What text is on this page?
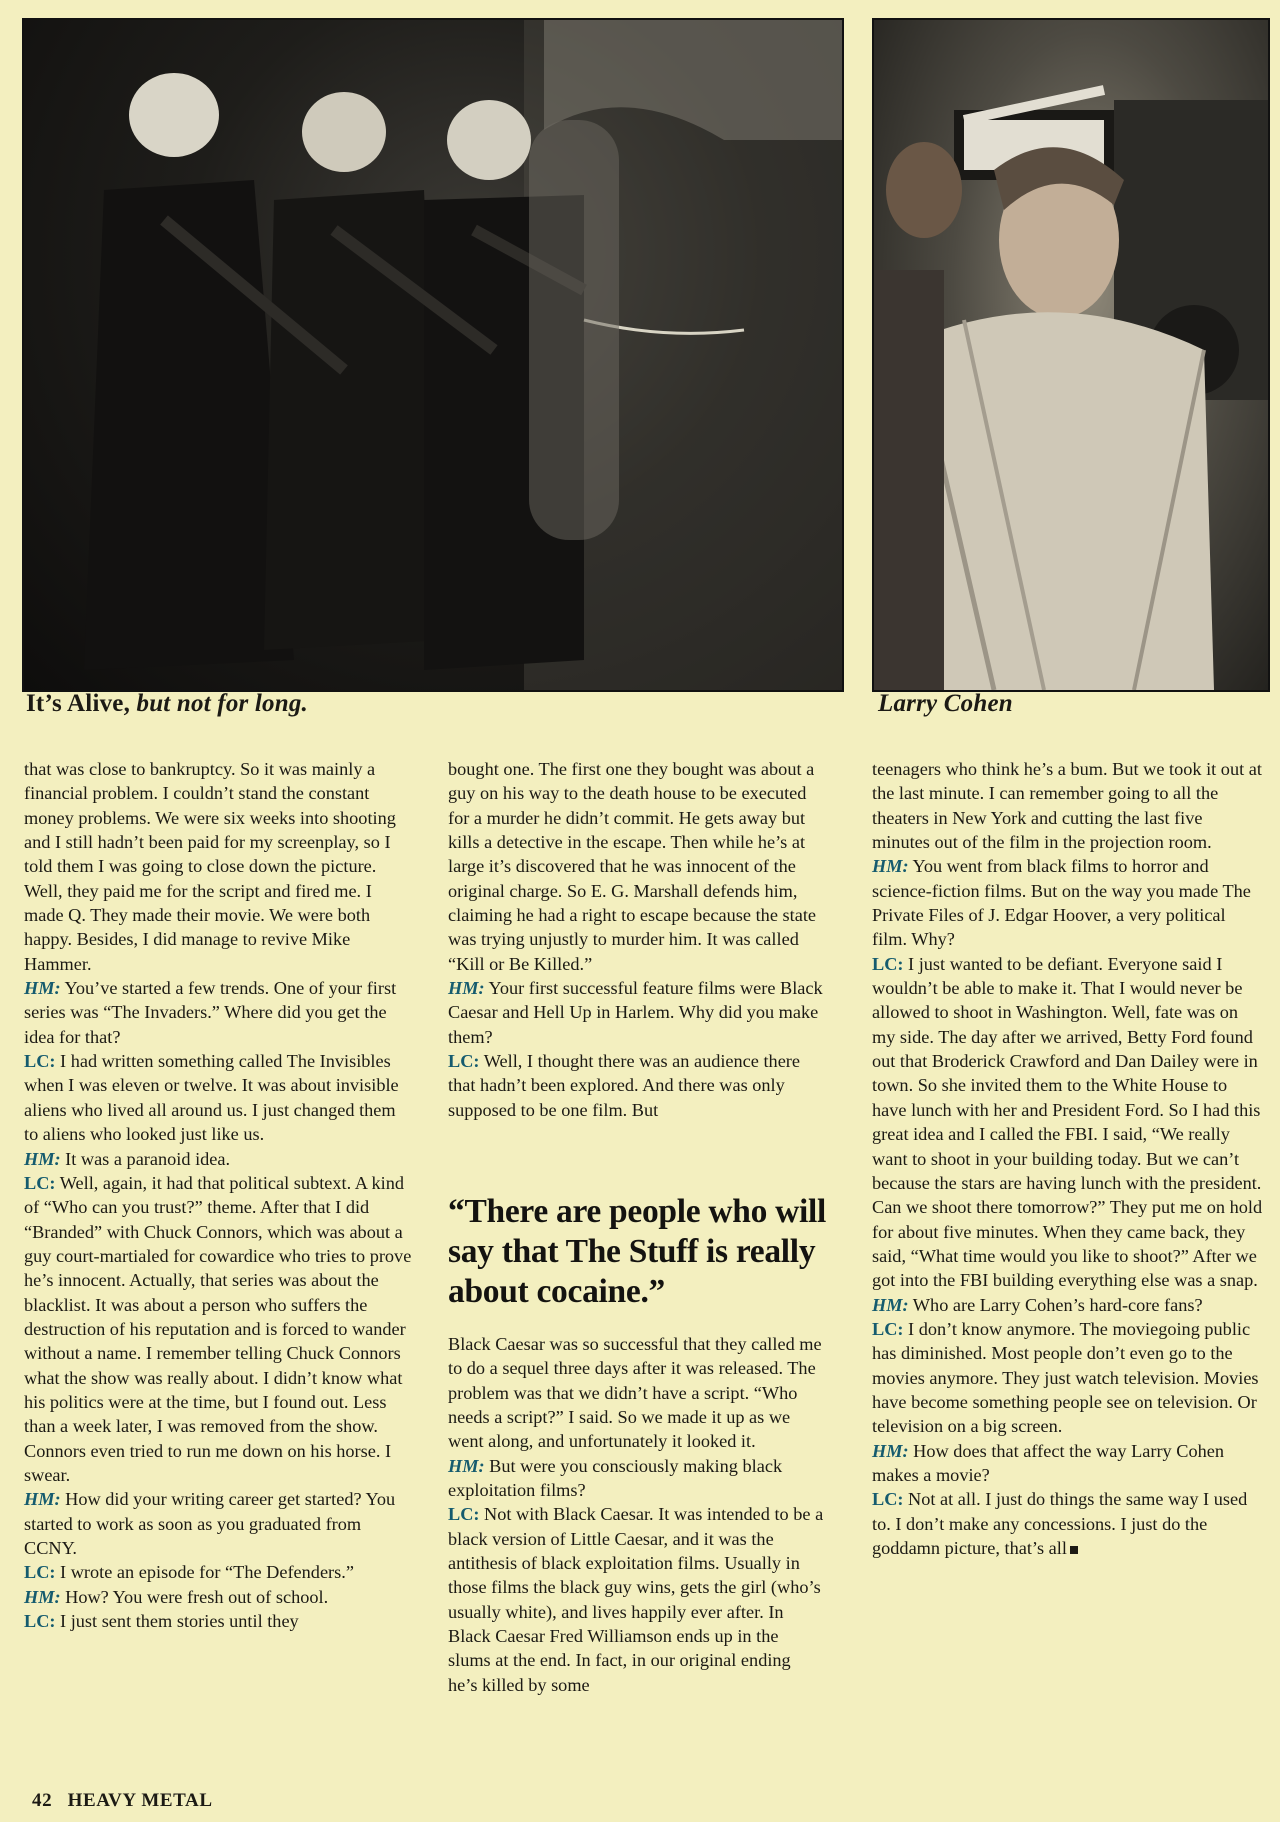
It’s Alive, but not for long.	Larry Cohen

that was close to bankruptcy. So it was mainly a financial problem. I couldn’t stand the constant money problems. We were six weeks into shooting and I still hadn’t been paid for my screenplay, so I told them I was going to close down the picture. Well, they paid me for the script and fired me. I made Q. They made their movie. We were both happy. Besides, I did manage to revive Mike Hammer.

HM: You’ve started a few trends. One of your first series was “The Invaders.” Where did you get the idea for that?

LC: I had written something called The Invisibles when I was eleven or twelve. It was about invisible aliens who lived all around us. I just changed them to aliens who looked just like us.

HM: It was a paranoid idea.

LC: Well, again, it had that political subtext. A kind of “Who can you trust?” theme. After that I did “Branded” with Chuck Connors, which was about a guy court-martialed for cowardice who tries to prove he’s innocent. Actually, that series was about the blacklist. It was about a person who suffers the destruction of his reputation and is forced to wander without a name. I remember telling Chuck Connors what the show was really about. I didn’t know what his politics were at the time, but I found out. Less than a week later, I was removed from the show. Connors even tried to run me down on his horse. I swear.

HM: How did your writing career get started? You started to work as soon as you graduated from CCNY.

LC: I wrote an episode for “The Defenders.”

HM: How? You were fresh out of school.

LC: I just sent them stories until they

bought one. The first one they bought was about a guy on his way to the death house to be executed for a murder he didn’t commit. He gets away but kills a detective in the escape. Then while he’s at large it’s discovered that he was innocent of the original charge. So E. G. Marshall defends him, claiming he had a right to escape because the state was trying unjustly to murder him. It was called “Kill or Be Killed.”

HM: Your first successful feature films were Black Caesar and Hell Up in Harlem. Why did you make them?

LC: Well, I thought there was an audience there that hadn’t been explored. And there was only supposed to be one film. But

“There are people who will say that The Stuff is really about cocaine.”

Black Caesar was so successful that they called me to do a sequel three days after it was released. The problem was that we didn’t have a script. “Who needs a script?” I said. So we made it up as we went along, and unfortunately it looked it.

HM: But were you consciously making black exploitation films?

LC: Not with Black Caesar. It was intended to be a black version of Little Caesar, and it was the antithesis of black exploitation films. Usually in those films the black guy wins, gets the girl (who’s usually white), and lives happily ever after. In Black Caesar Fred Williamson ends up in the slums at the end. In fact, in our original ending he’s killed by some

teenagers who think he’s a bum. But we took it out at the last minute. I can remember going to all the theaters in New York and cutting the last five minutes out of the film in the projection room.

HM: You went from black films to horror and science-fiction films. But on the way you made The Private Files of J. Edgar Hoover, a very political film. Why?

LC: I just wanted to be defiant. Everyone said I wouldn’t be able to make it. That I would never be allowed to shoot in Washington. Well, fate was on my side. The day after we arrived, Betty Ford found out that Broderick Crawford and Dan Dailey were in town. So she invited them to the White House to have lunch with her and President Ford. So I had this great idea and I called the FBI. I said, “We really want to shoot in your building today. But we can’t because the stars are having lunch with the president. Can we shoot there tomorrow?” They put me on hold for about five minutes. When they came back, they said, “What time would you like to shoot?” After we got into the FBI building everything else was a snap.

HM: Who are Larry Cohen’s hard-core fans?

LC: I don’t know anymore. The moviegoing public has diminished. Most people don’t even go to the movies anymore. They just watch television. Movies have become something people see on television. Or television on a big screen.

HM: How does that affect the way Larry Cohen makes a movie?

LC: Not at all. I just do things the same way I used to. I don’t make any concessions. I just do the goddamn picture, that’s all

42 HEAVY METAL
